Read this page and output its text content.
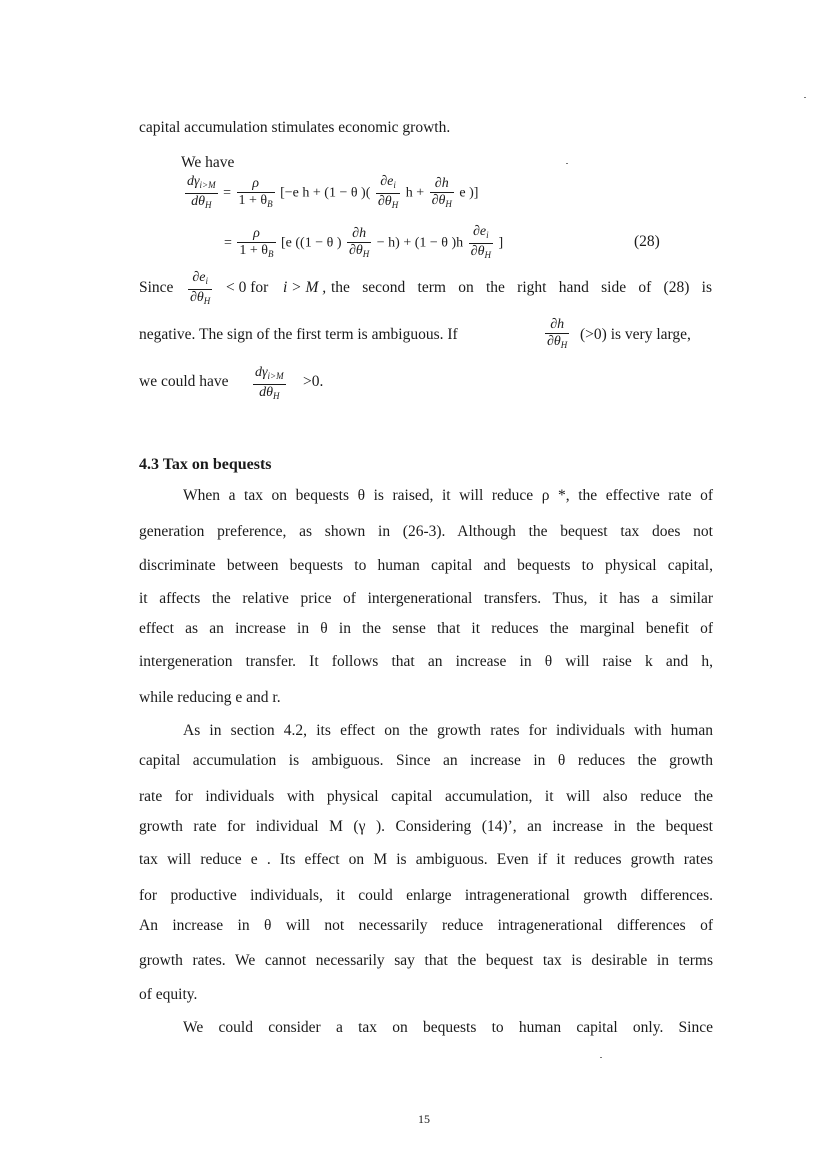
capital accumulation stimulates economic growth.
We have
$\frac{d\gamma_{i>M}}{d\theta_H} = \frac{\rho}{1 + \theta_B} [-e$ h + (1 − θ )( $\frac{\partial e_i}{\partial\theta_H}$ $h + \frac{\partial h}{\partial\theta_H}$ e )]
= $\frac{\rho}{1 + \theta_B} [e$ ((1 − θ ) $\frac{\partial h}{\partial\theta_H} - h) + (1 - \theta$ )$h \frac{\partial e_i}{\partial\theta_H}$ ]	(28)
Since $\frac{\partial e_i}{\partial\theta_H} < 0$ for i > M , the second term on the right hand side of (28) is
negative. The sign of the first term is ambiguous. If	$\frac{\partial h}{\partial\theta_H} (>0)$ is very large,
we could have $\frac{d\gamma_{i>M}}{d\theta_H} >0$.
4.3 Tax on bequests
When a tax on bequests θ is raised, it will reduce ρ *, the effective rate of
generation preference, as shown in (26-3). Although the bequest tax does not
discriminate between bequests to human capital and bequests to physical capital,
it affects the relative price of intergenerational transfers. Thus, it has a similar
effect as an increase in θ in the sense that it reduces the marginal benefit of
intergeneration transfer. It follows that an increase in θ will raise k and h,
while reducing e and r.
As in section 4.2, its effect on the growth rates for individuals with human
capital accumulation is ambiguous. Since an increase in θ reduces the growth
rate for individuals with physical capital accumulation, it will also reduce the
growth rate for individual M (γ ). Considering (14)’, an increase in the bequest
tax will reduce e . Its effect on M is ambiguous. Even if it reduces growth rates
for productive individuals, it could enlarge intragenerational growth differences.
An increase in θ will not necessarily reduce intragenerational differences of
growth rates. We cannot necessarily say that the bequest tax is desirable in terms
of equity.
We could consider a tax on bequests to human capital only. Since
15
